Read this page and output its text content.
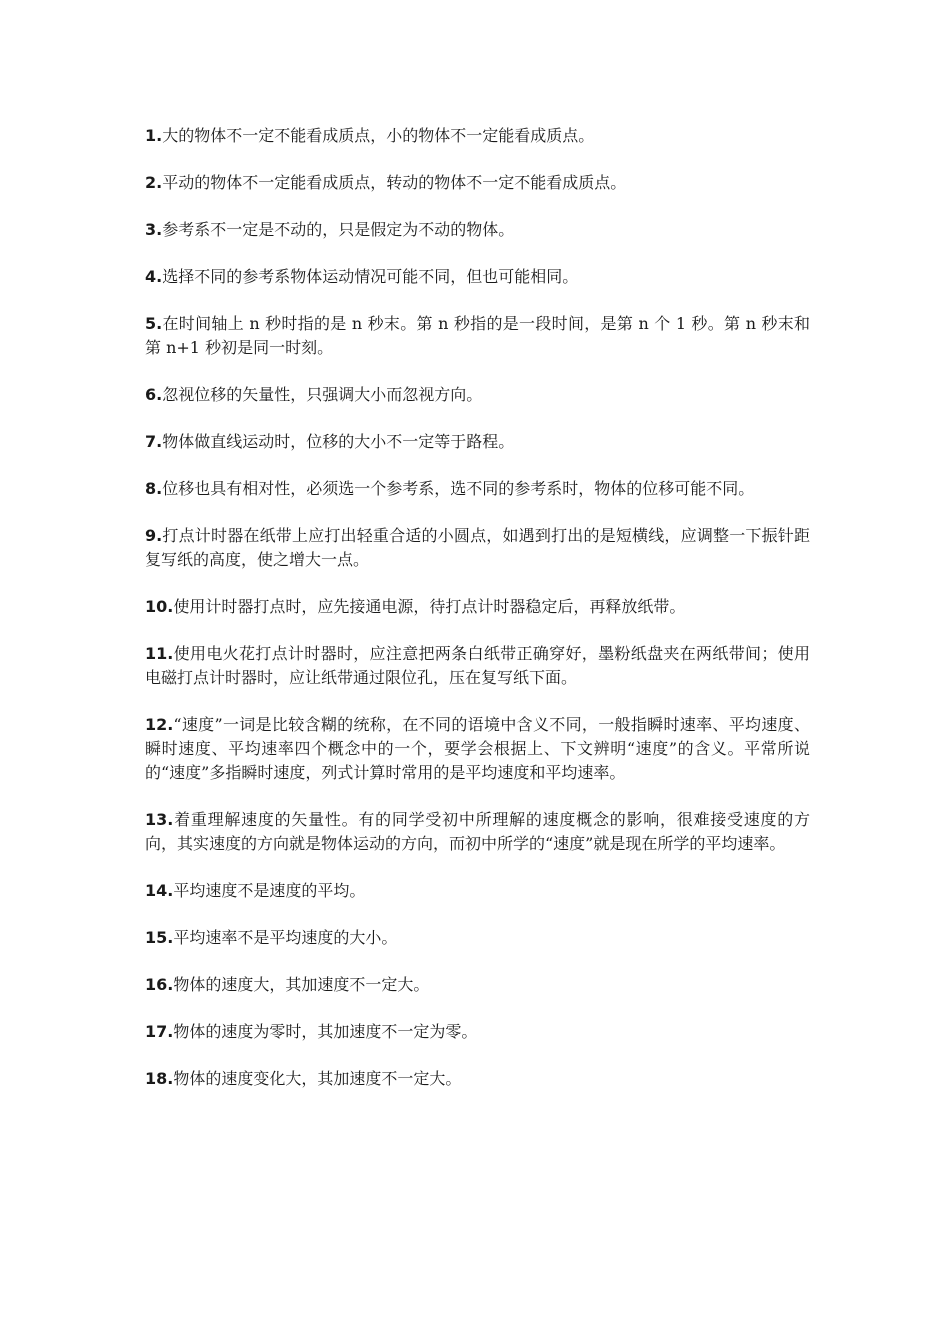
1.大的物体不一定不能看成质点，小的物体不一定能看成质点。

2.平动的物体不一定能看成质点，转动的物体不一定不能看成质点。

3.参考系不一定是不动的，只是假定为不动的物体。

4.选择不同的参考系物体运动情况可能不同，但也可能相同。

5.在时间轴上 n 秒时指的是 n 秒末。第 n 秒指的是一段时间，是第 n 个 1 秒。第 n 秒末和第 n+1 秒初是同一时刻。

6.忽视位移的矢量性，只强调大小而忽视方向。

7.物体做直线运动时，位移的大小不一定等于路程。

8.位移也具有相对性，必须选一个参考系，选不同的参考系时，物体的位移可能不同。

9.打点计时器在纸带上应打出轻重合适的小圆点，如遇到打出的是短横线，应调整一下振针距复写纸的高度，使之增大一点。

10.使用计时器打点时，应先接通电源，待打点计时器稳定后，再释放纸带。

11.使用电火花打点计时器时，应注意把两条白纸带正确穿好，墨粉纸盘夹在两纸带间；使用电磁打点计时器时，应让纸带通过限位孔，压在复写纸下面。

12.“速度”一词是比较含糊的统称，在不同的语境中含义不同，一般指瞬时速率、平均速度、瞬时速度、平均速率四个概念中的一个，要学会根据上、下文辨明“速度”的含义。平常所说的“速度”多指瞬时速度，列式计算时常用的是平均速度和平均速率。

13.着重理解速度的矢量性。有的同学受初中所理解的速度概念的影响，很难接受速度的方向，其实速度的方向就是物体运动的方向，而初中所学的“速度”就是现在所学的平均速率。

14.平均速度不是速度的平均。

15.平均速率不是平均速度的大小。

16.物体的速度大，其加速度不一定大。

17.物体的速度为零时，其加速度不一定为零。

18.物体的速度变化大，其加速度不一定大。
